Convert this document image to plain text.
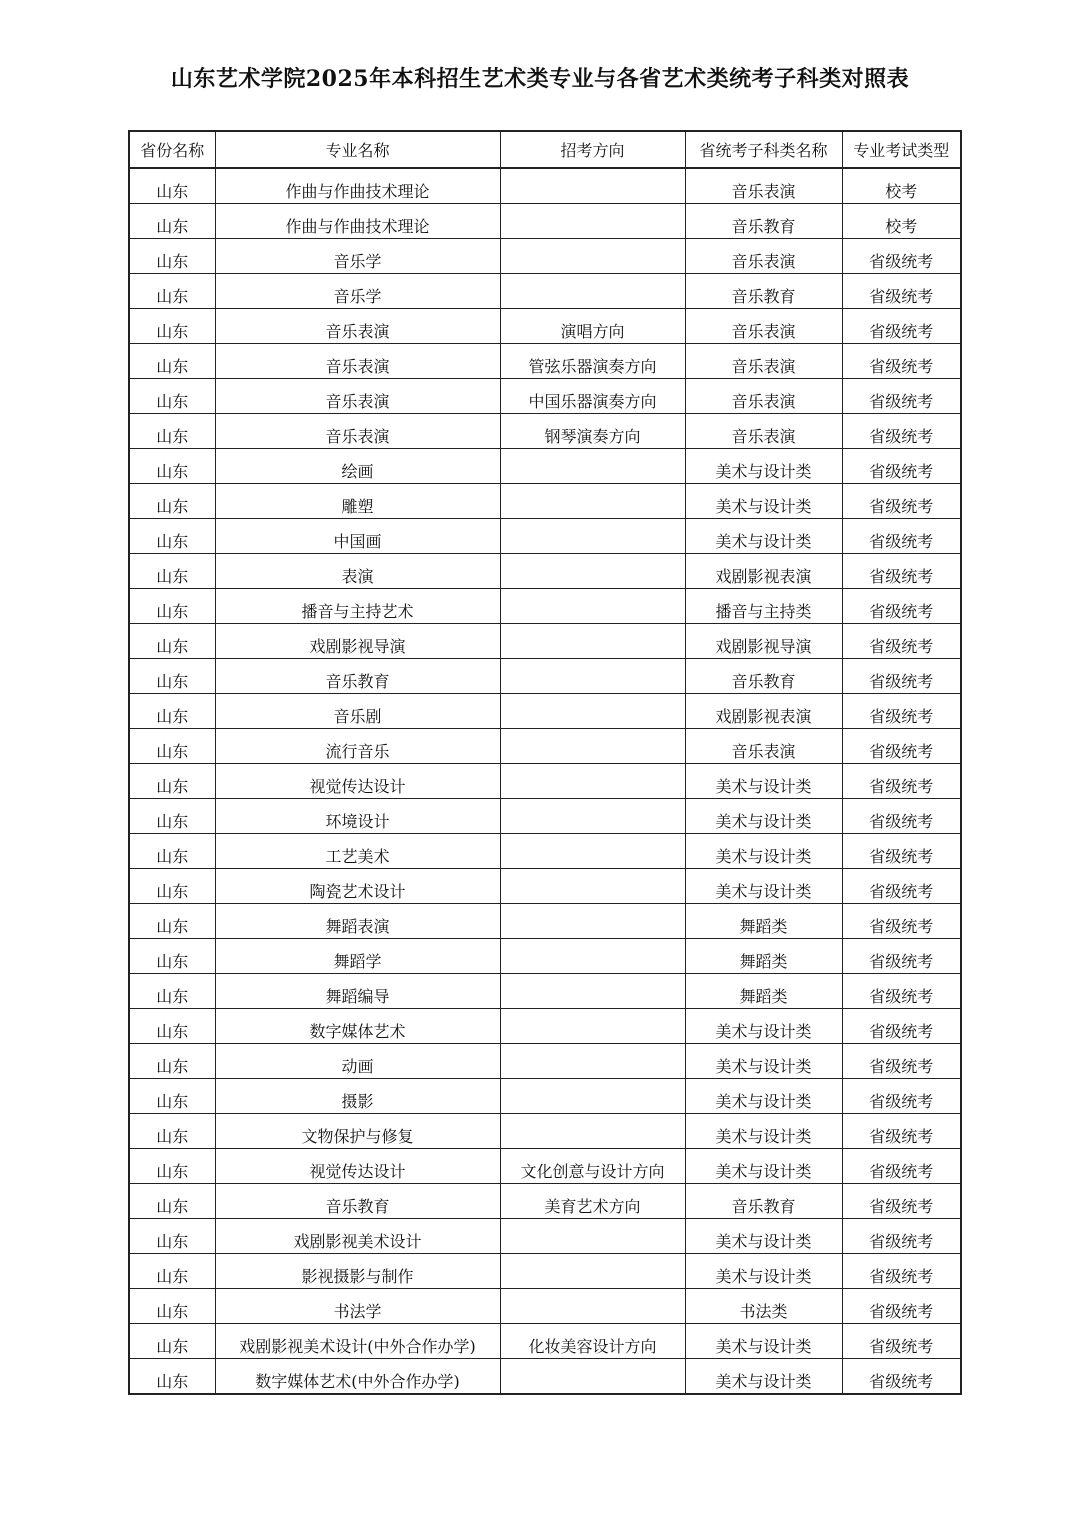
山东艺术学院2025年本科招生艺术类专业与各省艺术类统考子科类对照表
省份名称	专业名称	招考方向	省统考子科类名称	专业考试类型
山东	作曲与作曲技术理论		音乐表演	校考
山东	作曲与作曲技术理论		音乐教育	校考
山东	音乐学		音乐表演	省级统考
山东	音乐学		音乐教育	省级统考
山东	音乐表演	演唱方向	音乐表演	省级统考
山东	音乐表演	管弦乐器演奏方向	音乐表演	省级统考
山东	音乐表演	中国乐器演奏方向	音乐表演	省级统考
山东	音乐表演	钢琴演奏方向	音乐表演	省级统考
山东	绘画		美术与设计类	省级统考
山东	雕塑		美术与设计类	省级统考
山东	中国画		美术与设计类	省级统考
山东	表演		戏剧影视表演	省级统考
山东	播音与主持艺术		播音与主持类	省级统考
山东	戏剧影视导演		戏剧影视导演	省级统考
山东	音乐教育		音乐教育	省级统考
山东	音乐剧		戏剧影视表演	省级统考
山东	流行音乐		音乐表演	省级统考
山东	视觉传达设计		美术与设计类	省级统考
山东	环境设计		美术与设计类	省级统考
山东	工艺美术		美术与设计类	省级统考
山东	陶瓷艺术设计		美术与设计类	省级统考
山东	舞蹈表演		舞蹈类	省级统考
山东	舞蹈学		舞蹈类	省级统考
山东	舞蹈编导		舞蹈类	省级统考
山东	数字媒体艺术		美术与设计类	省级统考
山东	动画		美术与设计类	省级统考
山东	摄影		美术与设计类	省级统考
山东	文物保护与修复		美术与设计类	省级统考
山东	视觉传达设计	文化创意与设计方向	美术与设计类	省级统考
山东	音乐教育	美育艺术方向	音乐教育	省级统考
山东	戏剧影视美术设计		美术与设计类	省级统考
山东	影视摄影与制作		美术与设计类	省级统考
山东	书法学		书法类	省级统考
山东	戏剧影视美术设计(中外合作办学)	化妆美容设计方向	美术与设计类	省级统考
山东	数字媒体艺术(中外合作办学)		美术与设计类	省级统考
